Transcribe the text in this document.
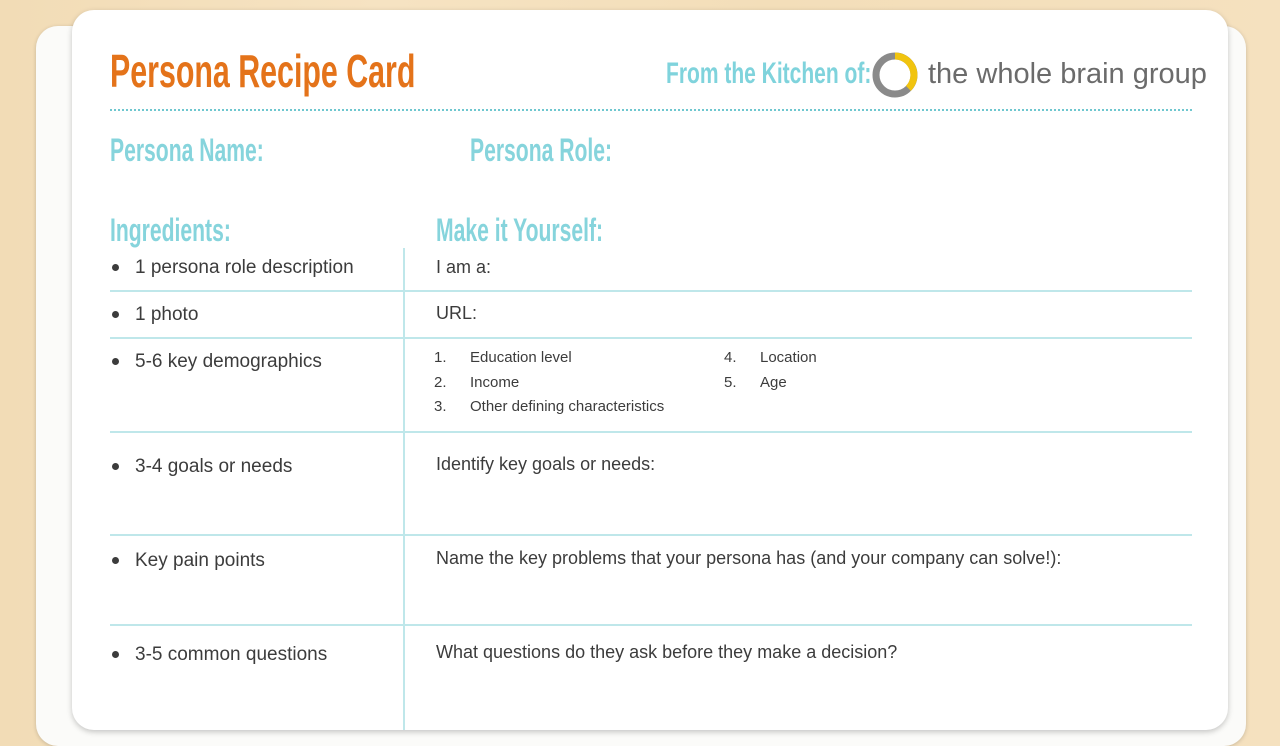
Persona Recipe Card	From the Kitchen of: the whole brain group
Persona Name:	Persona Role:
Ingredients:	Make it Yourself:
1 persona role description	I am a:
1 photo	URL:
5-6 key demographics	1. Education level
2. Income
3. Other defining characteristics
4. Location
5. Age
3-4 goals or needs	Identify key goals or needs:
Key pain points	Name the key problems that your persona has (and your company can solve!):
3-5 common questions	What questions do they ask before they make a decision?
